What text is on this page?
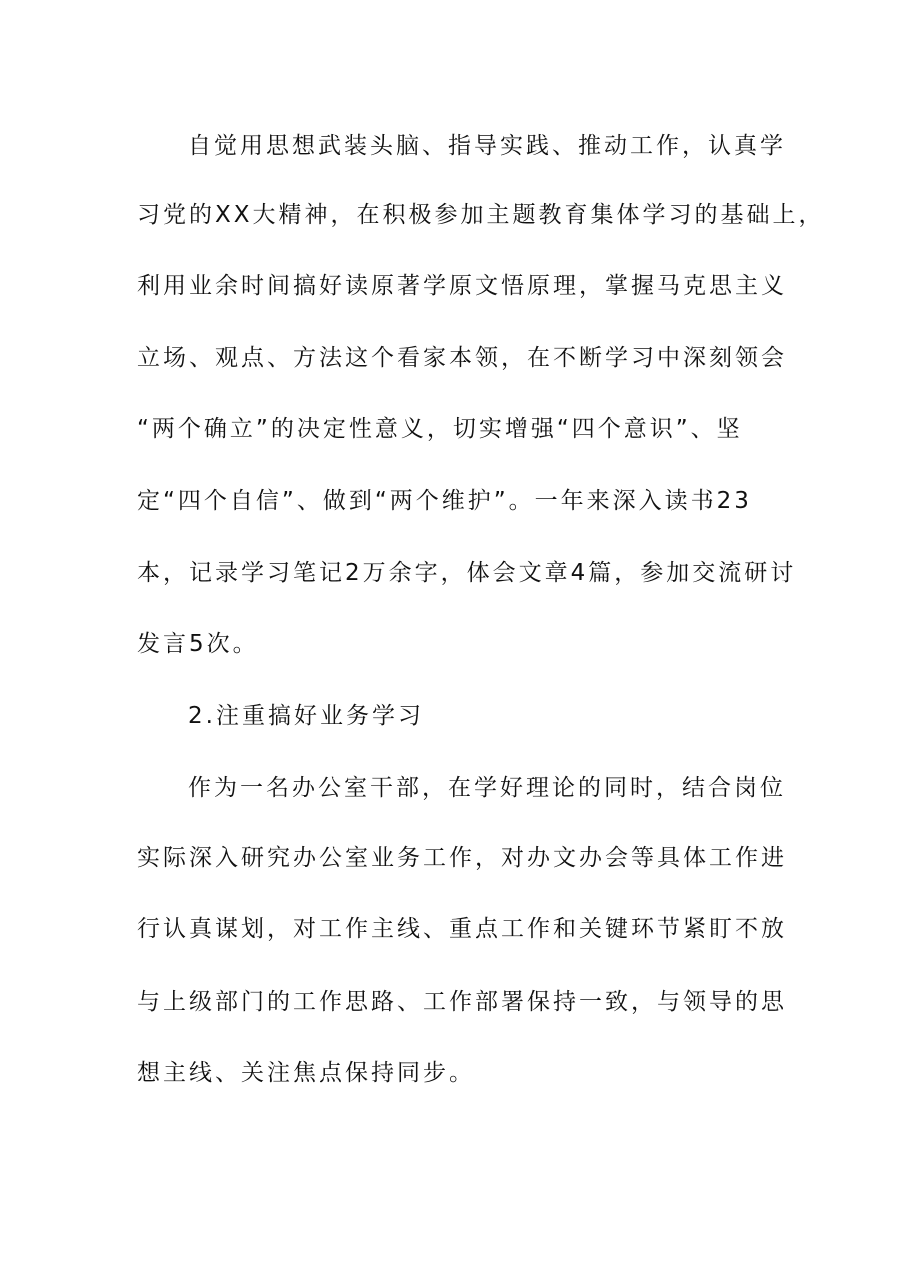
自觉用思想武装头脑、指导实践、推动工作，认真学
习党的XX大精神，在积极参加主题教育集体学习的基础上，
利用业余时间搞好读原著学原文悟原理，掌握马克思主义
立场、观点、方法这个看家本领，在不断学习中深刻领会
“两个确立”的决定性意义，切实增强“四个意识”、坚
定“四个自信”、做到“两个维护”。一年来深入读书23
本，记录学习笔记2万余字，体会文章4篇，参加交流研讨
发言5次。
2.注重搞好业务学习
作为一名办公室干部，在学好理论的同时，结合岗位
实际深入研究办公室业务工作，对办文办会等具体工作进
行认真谋划，对工作主线、重点工作和关键环节紧盯不放
与上级部门的工作思路、工作部署保持一致，与领导的思
想主线、关注焦点保持同步。
